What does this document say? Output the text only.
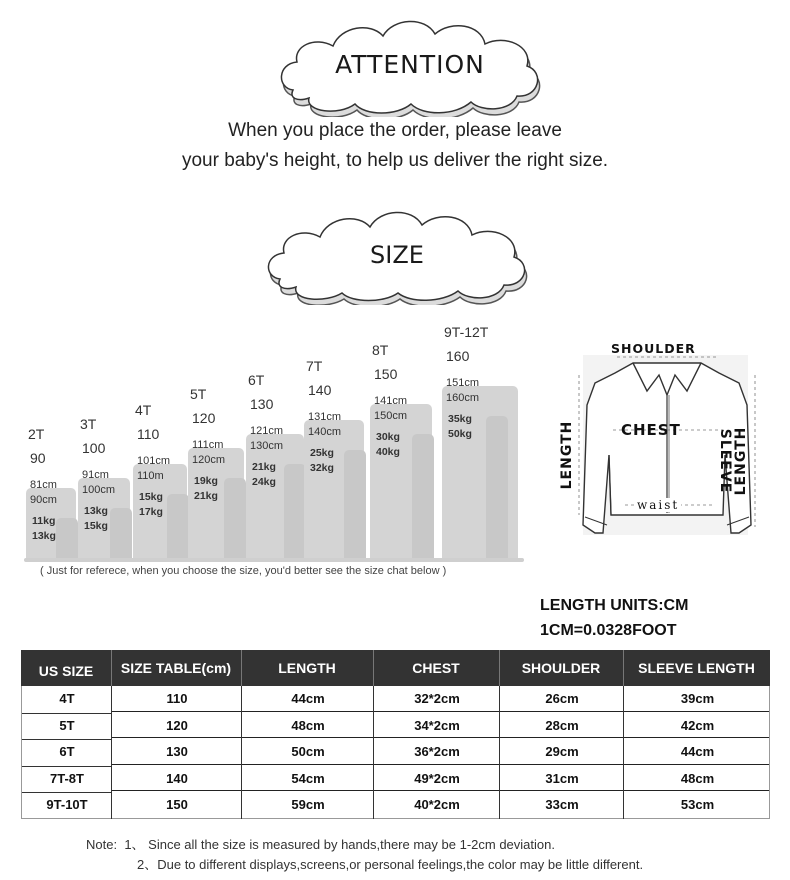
ATTENTION
When you place the order, please leave
your baby's height, to help us deliver the right size.
SIZE
2T
90
81cm
90cm
11kg
13kg
3T
100
91cm
100cm
13kg
15kg
4T
110
101cm
110m
15kg
17kg
5T
120
111cm
120cm
19kg
21kg
6T
130
121cm
130cm
21kg
24kg
7T
140
131cm
140cm
25kg
32kg
8T
150
141cm
150cm
30kg
40kg
9T-12T
160
151cm
160cm
35kg
50kg
( Just for referece, when you choose the size, you'd better see the size chat below )
SHOULDER
CHEST
LENGTH	SLEEVE LENGTH
waist
LENGTH UNITS:CM
1CM=0.0328FOOT
US SIZE	SIZE TABLE(cm)	LENGTH	CHEST	SHOULDER	SLEEVE LENGTH
4T	110	44cm	32*2cm	26cm	39cm
5T	120	48cm	34*2cm	28cm	42cm
6T	130	50cm	36*2cm	29cm	44cm
7T-8T	140	54cm	49*2cm	31cm	48cm
9T-10T	150	59cm	40*2cm	33cm	53cm
Note: 1、 Since all the size is measured by hands,there may be 1-2cm deviation.
2、Due to different displays,screens,or personal feelings,the color may be little different.
